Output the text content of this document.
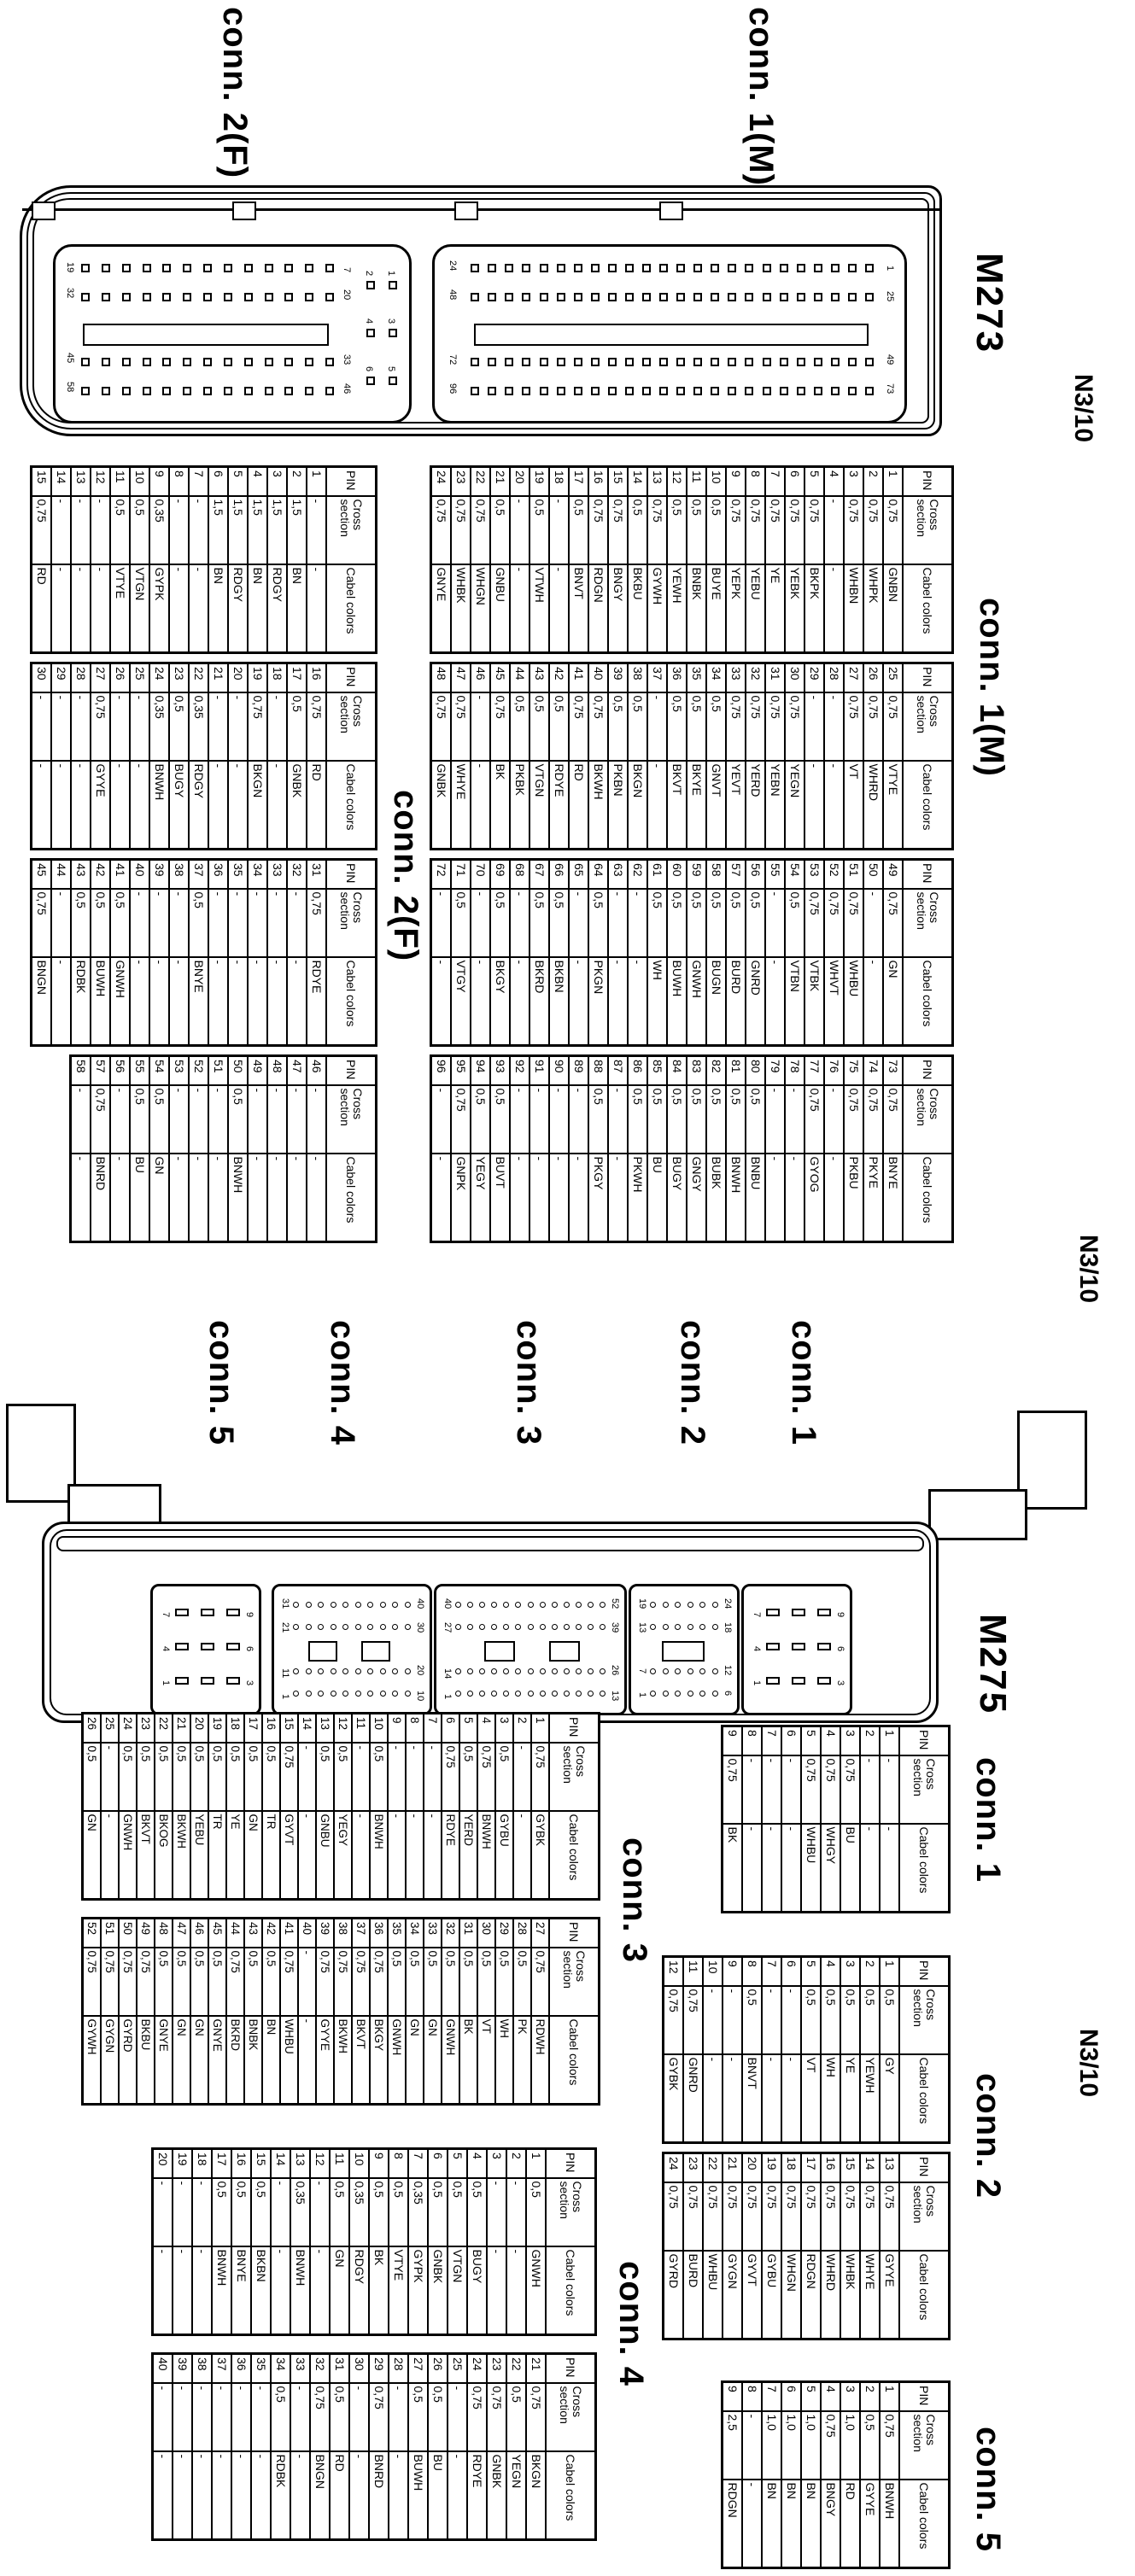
N3/10
M273
1
25
49
73
24
48
72
96
1
3
5
2
4
6
7
20
33
46
19
32
45
58
conn. 1(M)
conn. 2(F)
conn. 1(M)
PIN	Cross section	Cabel colors
1	0,75	GNBN
2	0,75	WHPK
3	0,75	WHBN
4	-	-
5	0,75	BKPK
6	0,75	YEBK
7	0,75	YE
8	0,75	YEBU
9	0,75	YEPK
10	0,5	BUYE
11	0,5	BNBK
12	0,5	YEWH
13	0,75	GYWH
14	0,5	BKBU
15	0,75	BNGY
16	0,75	RDGN
17	0,5	BNVT
18	-	-
19	0,5	VTWH
20	-	-
21	0,5	GNBU
22	0,75	WHGN
23	0,75	WHBK
24	0,75	GNYE
PIN	Cross section	Cabel colors
25	0,75	VTYE
26	0,75	WHRD
27	0,75	VT
28	-	-
29	-	-
30	0,75	YEGN
31	0,75	YEBN
32	0,75	YERD
33	0,75	YEVT
34	0,5	GNVT
35	0,5	BKYE
36	0,5	BKVT
37	-	-
38	0,5	BKGN
39	0,5	PKBN
40	0,75	BKWH
41	0,75	RD
42	0,5	RDYE
43	0,5	VTGN
44	0,5	PKBK
45	0,75	BK
46	-	-
47	0,75	WHYE
48	0,75	GNBK
PIN	Cross section	Cabel colors
49	0,75	GN
50	-	-
51	0,75	WHBU
52	0,75	WHVT
53	0,75	VTBK
54	0,5	VTBN
55	-	-
56	0,5	GNRD
57	0,5	BURD
58	0,5	BUGN
59	0,5	GNWH
60	0,5	BUWH
61	0,5	WH
62	-	-
63	-	-
64	0,5	PKGN
65	-	-
66	0,5	BKBN
67	0,5	BKRD
68	-	-
69	0,5	BKGY
70	-	-
71	0,5	VTGY
72	-	-
PIN	Cross section	Cabel colors
73	0,75	BNYE
74	0,75	PKYE
75	0,75	PKBU
76	-	-
77	0,75	GYOG
78	-	-
79	-	-
80	0,5	BNBU
81	0,5	BNWH
82	0,5	BUBK
83	0,5	GNGY
84	0,5	BUGY
85	0,5	BU
86	0,5	PKWH
87	-	-
88	0,5	PKGY
89	-	-
90	-	-
91	-	-
92	-	-
93	0,5	BUVT
94	0,5	YEGY
95	0,75	GNPK
96	-	-
conn. 2(F)
PIN	Cross section	Cabel colors
1	-	-
2	1,5	BN
3	1,5	RDGY
4	1,5	BN
5	1,5	RDGY
6	1,5	BN
7	-	-
8	-	-
9	0,35	GYPK
10	0,5	VTGN
11	0,5	VTYE
12	-	-
13	-	-
14	-	-
15	0,75	RD
PIN	Cross section	Cabel colors
16	0,75	RD
17	0,5	GNBK
18	-	-
19	0,75	BKGN
20	-	-
21	-	-
22	0,35	RDGY
23	0,5	BUGY
24	0,35	BNWH
25	-	-
26	-	-
27	0,75	GYYE
28	-	-
29	-	-
30	-	-
PIN	Cross section	Cabel colors
31	0,75	RDYE
32	-	-
33	-	-
34	-	-
35	-	-
36	-	-
37	0,5	BNYE
38	-	-
39	-	-
40	-	-
41	0,5	GNWH
42	0,5	BUWH
43	0,5	RDBK
44	-	-
45	0,75	BNGN
PIN	Cross section	Cabel colors
46	-	-
47	-	-
48	-	-
49	-	-
50	0,5	BNWH
51	-	-
52	-	-
53	-	-
54	0,5	GN
55	0,5	BU
56	-	-
57	0,75	BNRD
58	-	-
N3/10
M275
9
6
3
7
4
1
24
18
12
6
19
13
7
1
52
39
26
13
40
27
14
1
40
30
20
10
31
21
11
1
9
6
3
7
4
1
conn. 1
conn. 2
conn. 3
conn. 4
conn. 5
conn. 1
PIN	Cross section	Cabel colors
1	-	-
2	-	-
3	0,75	BU
4	0,75	WHGY
5	0,75	WHBU
6	-	-
7	-	-
8	-	-
9	0,75	BK
N3/10
conn. 2
PIN	Cross section	Cabel colors
1	0,5	GY
2	0,5	YEWH
3	0,5	YE
4	0,5	WH
5	0,5	VT
6	-	-
7	-	-
8	0,5	BNVT
9	-	-
10	-	-
11	0,75	GNRD
12	0,75	GYBK
PIN	Cross section	Cabel colors
13	0,75	GYYE
14	0,75	WHYE
15	0,75	WHBK
16	0,75	WHRD
17	0,75	RDGN
18	0,75	WHGN
19	0,75	GYBU
20	0,75	GYVT
21	0,75	GYGN
22	0,75	WHBU
23	0,75	BURD
24	0,75	GYRD
conn. 5
PIN	Cross section	Cabel colors
1	0,75	BNWH
2	0,5	GYYE
3	1,0	RD
4	0,75	BNGY
5	1,0	BN
6	1,0	BN
7	1,0	BN
8	-	-
9	2,5	RDGN
conn. 3
PIN	Cross section	Cabel colors
1	0,75	GYBK
2	-	-
3	0,5	GYBU
4	0,75	BNWH
5	0,5	YERD
6	0,75	RDYE
7	-	-
8	-	-
9	-	-
10	0,5	BNWH
11	-	-
12	0,5	YEGY
13	0,5	GNBU
14	-	-
15	0,75	GYVT
16	0,5	TR
17	0,5	GN
18	0,5	YE
19	0,5	TR
20	0,5	YEBU
21	0,5	BKWH
22	0,5	BKOG
23	0,5	BKVT
24	0,5	GNWH
25	-	-
26	0,5	GN
PIN	Cross section	Cabel colors
27	0,75	RDWH
28	0,5	PK
29	0,5	WH
30	0,5	VT
31	0,5	BK
32	0,5	GNWH
33	0,5	GN
34	0,5	GN
35	0,5	GNWH
36	0,75	BKGY
37	0,75	BKVT
38	0,75	BKWH
39	0,75	GYYE
40	-	-
41	0,75	WHBU
42	0,5	BN
43	0,5	BNBK
44	0,75	BKRD
45	0,5	GNYE
46	0,5	GN
47	0,5	GN
48	0,5	GNYE
49	0,75	BKBU
50	0,75	GYRD
51	0,75	GYGN
52	0,75	GYWH
conn. 4
PIN	Cross section	Cabel colors
1	0,5	GNWH
2	-	-
3	-	-
4	0,5	BUGY
5	0,5	VTGN
6	0,5	GNBK
7	0,35	GYPK
8	0,5	VTYE
9	0,5	BK
10	0,35	RDGY
11	0,5	GN
12	-	-
13	0,35	BNWH
14	-	-
15	0,5	BKBN
16	0,5	BNYE
17	0,5	BNWH
18	-	-
19	-	-
20	-	-
PIN	Cross section	Cabel colors
21	0,75	BKGN
22	0,5	YEGN
23	0,75	GNBK
24	0,75	RDYE
25	-	-
26	0,5	BU
27	0,5	BUWH
28	-	-
29	0,75	BNRD
30	-	-
31	0,5	RD
32	0,75	BNGN
33	-	-
34	0,5	RDBK
35	-	-
36	-	-
37	-	-
38	-	-
39	-	-
40	-	-
